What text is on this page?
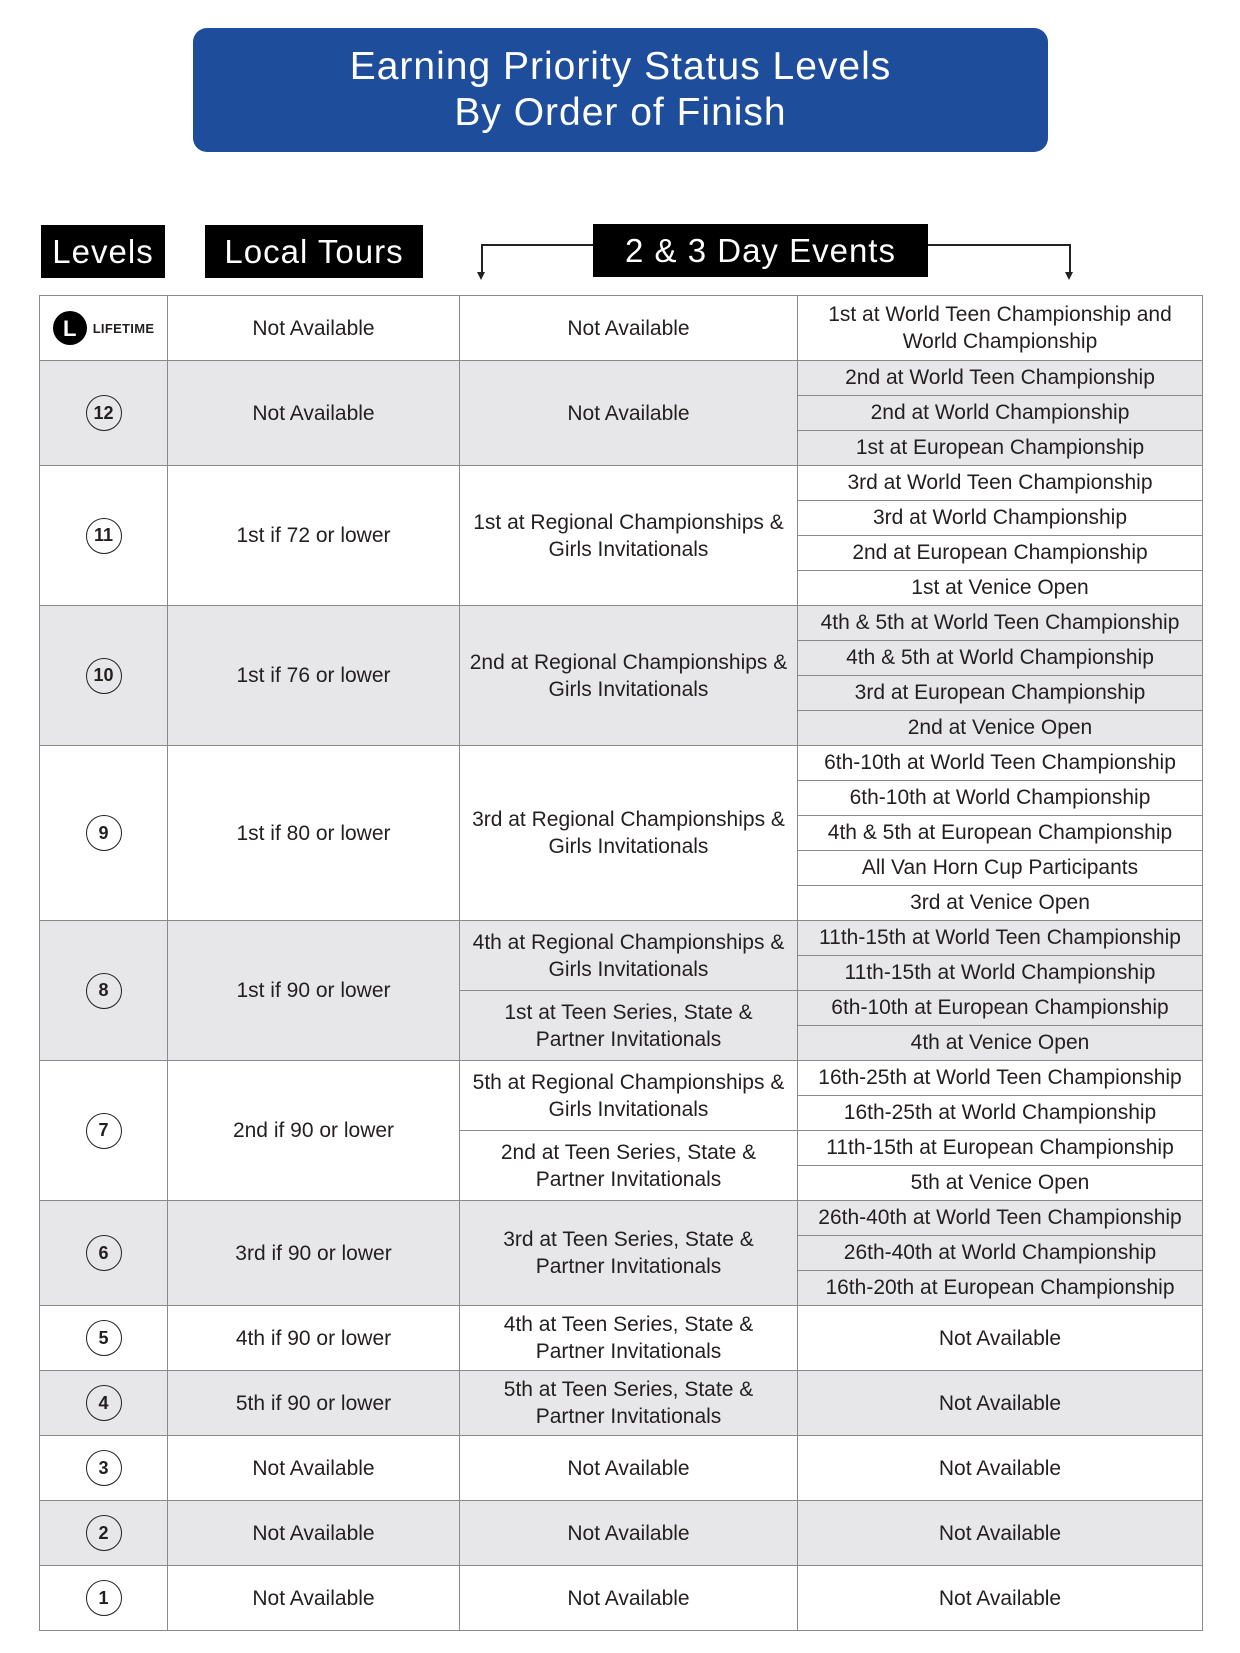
Earning Priority Status Levels
By Order of Finish
Levels	Local Tours	2 & 3 Day Events
L LIFETIME	Not Available	Not Available	1st at World Teen Championship and World Championship
12	Not Available	Not Available	2nd at World Teen Championship
			2nd at World Championship
			1st at European Championship
11	1st if 72 or lower	1st at Regional Championships & Girls Invitationals	3rd at World Teen Championship
			3rd at World Championship
			2nd at European Championship
			1st at Venice Open
10	1st if 76 or lower	2nd at Regional Championships & Girls Invitationals	4th & 5th at World Teen Championship
			4th & 5th at World Championship
			3rd at European Championship
			2nd at Venice Open
9	1st if 80 or lower	3rd at Regional Championships & Girls Invitationals	6th-10th at World Teen Championship
			6th-10th at World Championship
			4th & 5th at European Championship
			All Van Horn Cup Participants
			3rd at Venice Open
8	1st if 90 or lower	4th at Regional Championships & Girls Invitationals	11th-15th at World Teen Championship
			11th-15th at World Championship
		1st at Teen Series, State & Partner Invitationals	6th-10th at European Championship
			4th at Venice Open
7	2nd if 90 or lower	5th at Regional Championships & Girls Invitationals	16th-25th at World Teen Championship
			16th-25th at World Championship
		2nd at Teen Series, State & Partner Invitationals	11th-15th at European Championship
			5th at Venice Open
6	3rd if 90 or lower	3rd at Teen Series, State & Partner Invitationals	26th-40th at World Teen Championship
			26th-40th at World Championship
			16th-20th at European Championship
5	4th if 90 or lower	4th at Teen Series, State & Partner Invitationals	Not Available
4	5th if 90 or lower	5th at Teen Series, State & Partner Invitationals	Not Available
3	Not Available	Not Available	Not Available
2	Not Available	Not Available	Not Available
1	Not Available	Not Available	Not Available
